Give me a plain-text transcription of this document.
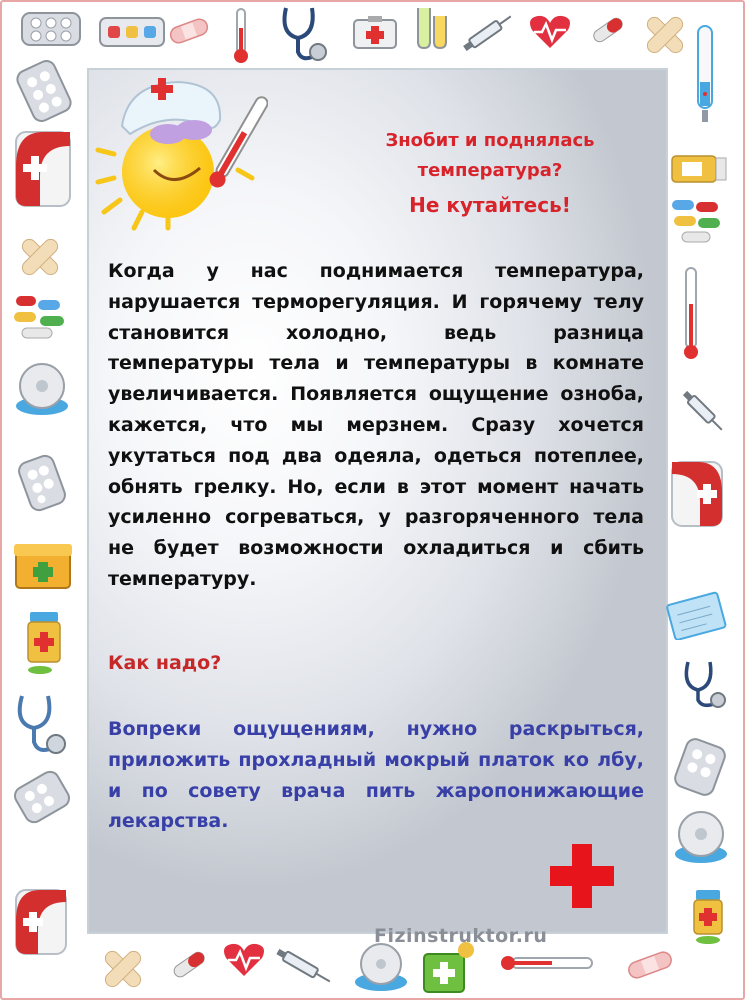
Знобит и поднялась
температура?
Не кутайтесь!

Когда у нас поднимается температура, нарушается терморегуляция. И горячему телу становится холодно, ведь разница температуры тела и температуры в комнате увеличивается. Появляется ощущение озноба, кажется, что мы мерзнем. Сразу хочется укутаться под два одеяла, одеться потеплее, обнять грелку. Но, если в этот момент начать усиленно согреваться, у разгоряченного тела не будет возможности охладиться и сбить температуру.

Как надо?

Вопреки ощущениям, нужно раскрыться, приложить прохладный мокрый платок ко лбу, и по совету врача пить жаропонижающие лекарства.

Fizinstruktor.ru
